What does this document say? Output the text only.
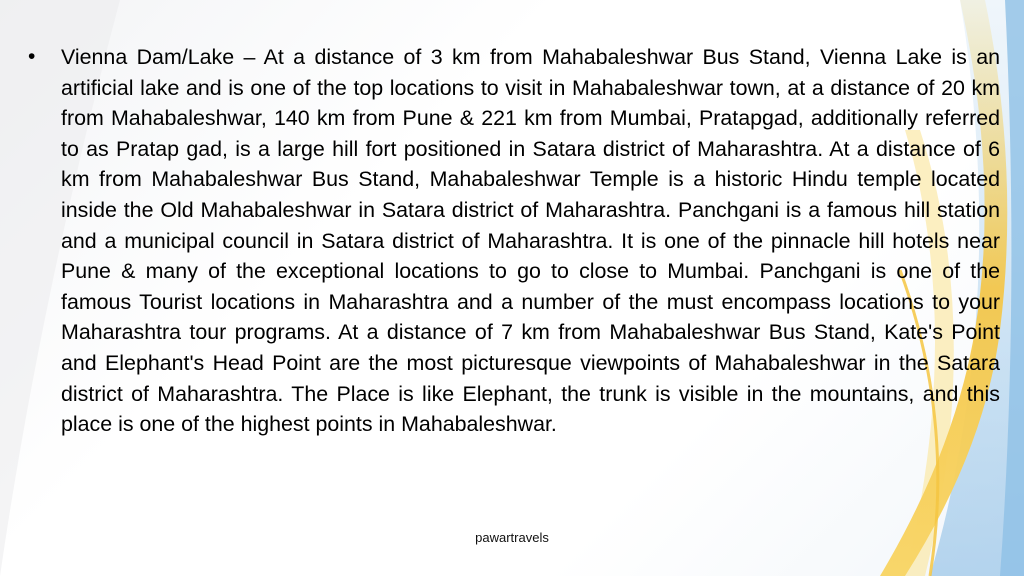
•	Vienna Dam/Lake – At a distance of 3 km from Mahabaleshwar Bus Stand, Vienna Lake is an artificial lake and is one of the top locations to visit in Mahabaleshwar town, at a distance of 20 km from Mahabaleshwar, 140 km from Pune & 221 km from Mumbai, Pratapgad, additionally referred to as Pratap gad, is a large hill fort positioned in Satara district of Maharashtra. At a distance of 6 km from Mahabaleshwar Bus Stand, Mahabaleshwar Temple is a historic Hindu temple located inside the Old Mahabaleshwar in Satara district of Maharashtra. Panchgani is a famous hill station and a municipal council in Satara district of Maharashtra. It is one of the pinnacle hill hotels near Pune & many of the exceptional locations to go to close to Mumbai. Panchgani is one of the famous Tourist locations in Maharashtra and a number of the must encompass locations to your Maharashtra tour programs. At a distance of 7 km from Mahabaleshwar Bus Stand, Kate's Point and Elephant's Head Point are the most picturesque viewpoints of Mahabaleshwar in the Satara district of Maharashtra. The Place is like Elephant, the trunk is visible in the mountains, and this place is one of the highest points in Mahabaleshwar.

pawartravels
